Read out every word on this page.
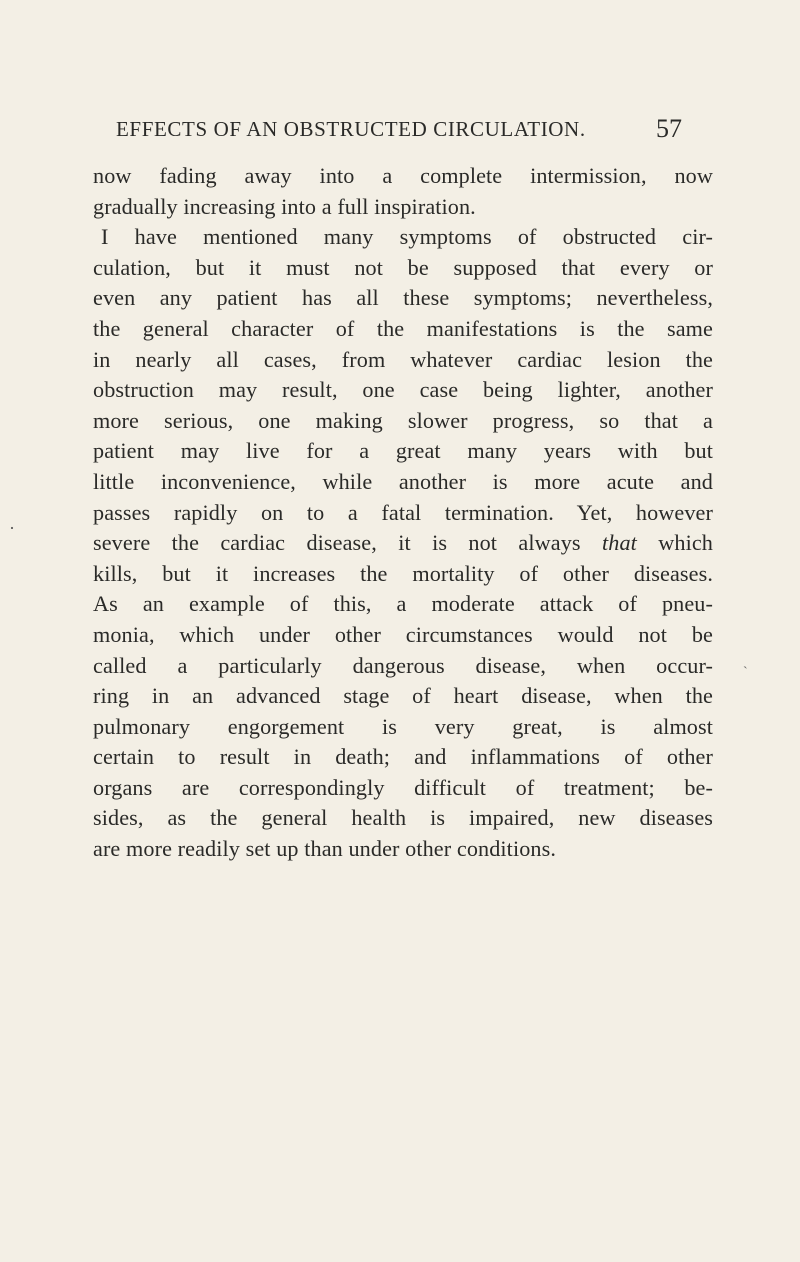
EFFECTS OF AN OBSTRUCTED CIRCULATION.	57
·
ˋ
now fading away into a complete intermission, now
gradually increasing into a full inspiration.
I have mentioned many symptoms of obstructed cir-
culation, but it must not be supposed that every or
even any patient has all these symptoms; nevertheless,
the general character of the manifestations is the same
in nearly all cases, from whatever cardiac lesion the
obstruction may result, one case being lighter, another
more serious, one making slower progress, so that a
patient may live for a great many years with but
little inconvenience, while another is more acute and
passes rapidly on to a fatal termination. Yet, however
severe the cardiac disease, it is not always that which
kills, but it increases the mortality of other diseases.
As an example of this, a moderate attack of pneu-
monia, which under other circumstances would not be
called a particularly dangerous disease, when occur-
ring in an advanced stage of heart disease, when the
pulmonary engorgement is very great, is almost
certain to result in death; and inflammations of other
organs are correspondingly difficult of treatment; be-
sides, as the general health is impaired, new diseases
are more readily set up than under other conditions.
